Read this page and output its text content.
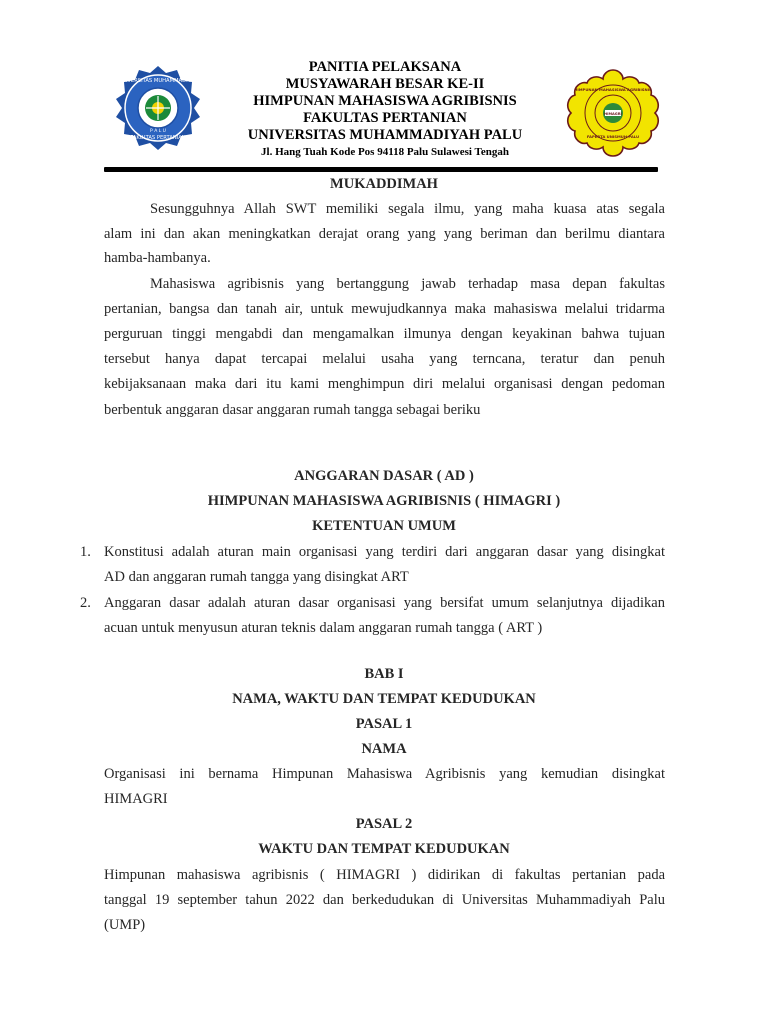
UNIVERSITAS MUHAMMADIYAH
FAKULTAS PERTANIAN
P A L U
PANITIA PELAKSANA
MUSYAWARAH BESAR KE-II
HIMPUNAN MAHASISWA AGRIBISNIS
FAKULTAS PERTANIAN
UNIVERSITAS MUHAMMADIYAH PALU
Jl. Hang Tuah Kode Pos 94118 Palu Sulawesi Tengah
HIMAGRI
HIMPUNAN MAHASISWA AGRIBISNIS
FAPERTA UNISMUH PALU
MUKADDIMAH
Sesungguhnya Allah SWT memiliki segala ilmu, yang maha kuasa atas segala
alam ini dan akan meningkatkan derajat orang yang yang beriman dan berilmu diantara
hamba-hambanya.
Mahasiswa agribisnis yang bertanggung jawab terhadap masa depan fakultas
pertanian, bangsa dan tanah air, untuk mewujudkannya maka mahasiswa melalui tridarma
perguruan tinggi mengabdi dan mengamalkan ilmunya dengan keyakinan bahwa tujuan
tersebut hanya dapat tercapai melalui usaha yang terncana, teratur dan penuh
kebijaksanaan maka dari itu kami menghimpun diri melalui organisasi dengan pedoman
berbentuk anggaran dasar anggaran rumah tangga sebagai beriku
ANGGARAN DASAR ( AD )
HIMPUNAN MAHASISWA AGRIBISNIS ( HIMAGRI )
KETENTUAN UMUM
1. Konstitusi adalah aturan main organisasi yang terdiri dari anggaran dasar yang disingkat
AD dan anggaran rumah tangga yang disingkat ART
2. Anggaran dasar adalah aturan dasar organisasi yang bersifat umum selanjutnya dijadikan
acuan untuk menyusun aturan teknis dalam anggaran rumah tangga ( ART )
BAB I
NAMA, WAKTU DAN TEMPAT KEDUDUKAN
PASAL 1
NAMA
Organisasi ini bernama Himpunan Mahasiswa Agribisnis yang kemudian disingkat
HIMAGRI
PASAL 2
WAKTU DAN TEMPAT KEDUDUKAN
Himpunan mahasiswa agribisnis ( HIMAGRI ) didirikan di fakultas pertanian pada
tanggal 19 september tahun 2022 dan berkedudukan di Universitas Muhammadiyah Palu
(UMP)
